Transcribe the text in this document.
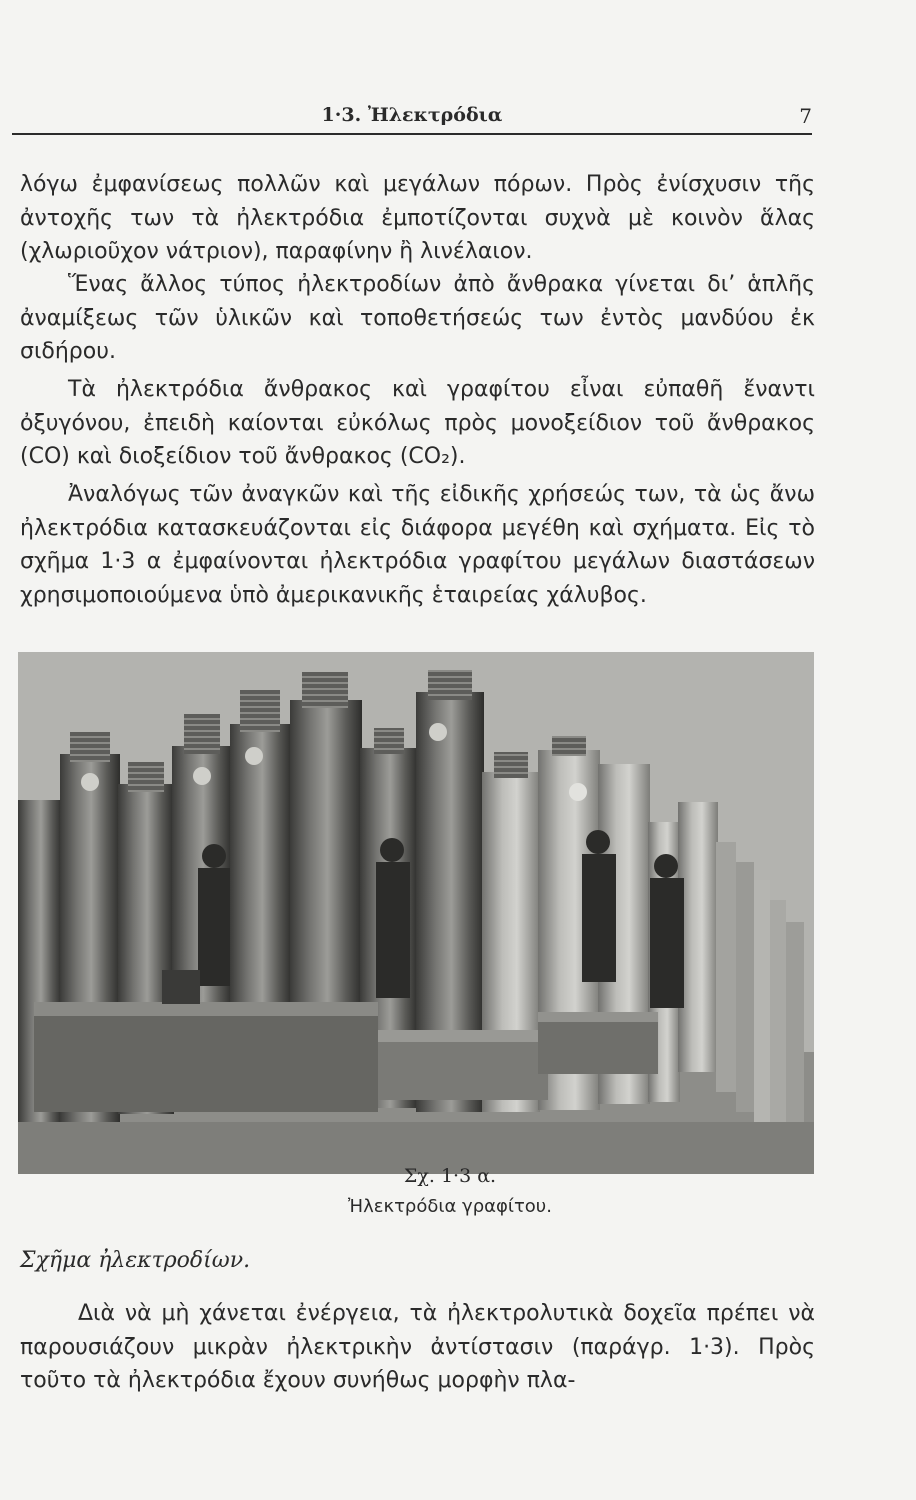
1·3. Ἠλεκτρόδια	7

λόγω ἐμφανίσεως πολλῶν καὶ μεγάλων πόρων. Πρὸς ἐνίσχυσιν τῆς ἀντοχῆς των τὰ ἠλεκτρόδια ἐμποτίζονται συχνὰ μὲ κοινὸν ἅλας (χλωριοῦχον νάτριον), παραφίνην ἢ λινέλαιον.

Ἕνας ἄλλος τύπος ἠλεκτροδίων ἀπὸ ἄνθρακα γίνεται δι’ ἁπλῆς ἀναμίξεως τῶν ὑλικῶν καὶ τοποθετήσεώς των ἐντὸς μανδύου ἐκ σιδήρου.

Τὰ ἠλεκτρόδια ἄνθρακος καὶ γραφίτου εἶναι εὐπαθῆ ἔναντι ὀξυγόνου, ἐπειδὴ καίονται εὐκόλως πρὸς μονοξείδιον τοῦ ἄνθρακος (CO) καὶ διοξείδιον τοῦ ἄνθρακος (CO₂).

Ἀναλόγως τῶν ἀναγκῶν καὶ τῆς εἰδικῆς χρήσεώς των, τὰ ὡς ἄνω ἠλεκτρόδια κατασκευάζονται εἰς διάφορα μεγέθη καὶ σχήματα. Εἰς τὸ σχῆμα 1·3 α ἐμφαίνονται ἠλεκτρόδια γραφίτου μεγάλων διαστάσεων χρησιμοποιούμενα ὑπὸ ἀμερικανικῆς ἑταιρείας χάλυβος.

Σχ. 1·3 α.

Ἠλεκτρόδια γραφίτου.

Σχῆμα ἠλεκτροδίων.

Διὰ νὰ μὴ χάνεται ἐνέργεια, τὰ ἠλεκτρολυτικὰ δοχεῖα πρέπει νὰ παρουσιάζουν μικρὰν ἠλεκτρικὴν ἀντίστασιν (παράγρ. 1·3). Πρὸς τοῦτο τὰ ἠλεκτρόδια ἔχουν συνήθως μορφὴν πλα-
